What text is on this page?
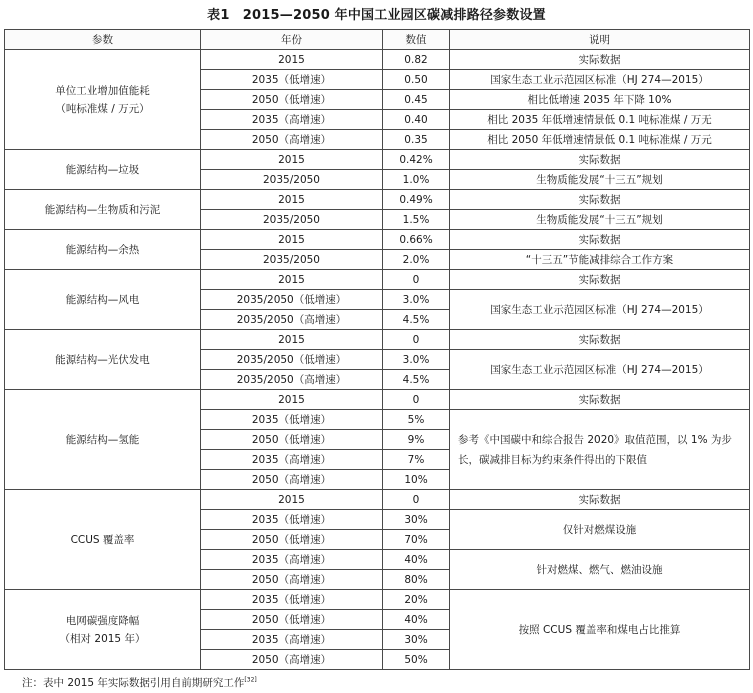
表1　2015—2050 年中国工业园区碳减排路径参数设置
参数	年份	数值	说明

单位工业增加值能耗
（吨标准煤 / 万元）	2015	0.82	实际数据
	2035（低增速）	0.50	国家生态工业示范园区标准（HJ 274—2015）
	2050（低增速）	0.45	相比低增速 2035 年下降 10%
	2035（高增速）	0.40	相比 2035 年低增速情景低 0.1 吨标准煤 / 万无
	2050（高增速）	0.35	相比 2050 年低增速情景低 0.1 吨标准煤 / 万元

能源结构—垃圾	2015	0.42%	实际数据
	2035/2050	1.0%	生物质能发展“十三五”规划

能源结构—生物质和污泥	2015	0.49%	实际数据
	2035/2050	1.5%	生物质能发展“十三五”规划

能源结构—余热	2015	0.66%	实际数据
	2035/2050	2.0%	“十三五”节能减排综合工作方案

能源结构—风电	2015	0	实际数据
	2035/2050（低增速）	3.0%	国家生态工业示范园区标准（HJ 274—2015）
	2035/2050（高增速）	4.5%	

能源结构—光伏发电	2015	0	实际数据
	2035/2050（低增速）	3.0%	国家生态工业示范园区标准（HJ 274—2015）
	2035/2050（高增速）	4.5%	

能源结构—氢能	2015	0	实际数据
	2035（低增速）	5%	参考《中国碳中和综合报告 2020》取值范围，以 1% 为步长，碳减排目标为约束条件得出的下限值
	2050（低增速）	9%	
	2035（高增速）	7%	
	2050（高增速）	10%	

CCUS 覆盖率	2015	0	实际数据
	2035（低增速）	30%	仅针对燃煤设施
	2050（低增速）	70%	
	2035（高增速）	40%	针对燃煤、燃气、燃油设施
	2050（高增速）	80%	

电网碳强度降幅
（相对 2015 年）	2035（低增速）	20%	按照 CCUS 覆盖率和煤电占比推算
	2050（低增速）	40%	
	2035（高增速）	30%	
	2050（高增速）	50%	
注：表中 2015 年实际数据引用自前期研究工作[32]
